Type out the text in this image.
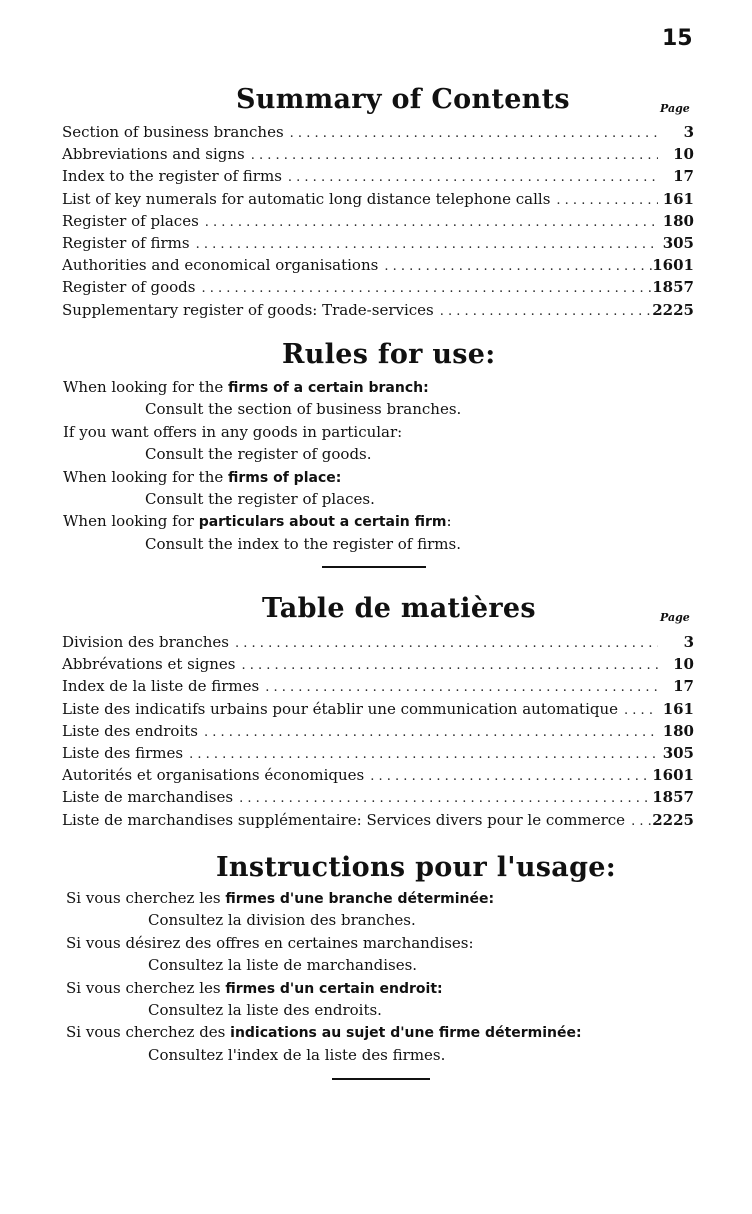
15
Summary of Contents	Page
Section of business branches . . .	3
Abbreviations and signs . . .	10
Index to the register of firms . . .	17
List of key numerals for automatic long distance telephone calls . . .	161
Register of places . . .	180
Register of firms . . .	305
Authorities and economical organisations . . .	1601
Register of goods . . .	1857
Supplementary register of goods: Trade-services . . .	2225
Rules for use:
When looking for the firms of a certain branch:
Consult the section of business branches.
If you want offers in any goods in particular:
Consult the register of goods.
When looking for the firms of place:
Consult the register of places.
When looking for particulars about a certain firm:
Consult the index to the register of firms.
Table de matières	Page
Division des branches . . .	3
Abbrévations et signes . . .	10
Index de la liste de firmes . . .	17
Liste des indicatifs urbains pour établir une communication automatique . . .	161
Liste des endroits . . .	180
Liste des firmes . . .	305
Autorités et organisations économiques . . .	1601
Liste de marchandises . . .	1857
Liste de marchandises supplémentaire: Services divers pour le commerce . . . 2225
Instructions pour l'usage:
Si vous cherchez les firmes d'une branche déterminée:
Consultez la division des branches.
Si vous désirez des offres en certaines marchandises:
Consultez la liste de marchandises.
Si vous cherchez les firmes d'un certain endroit:
Consultez la liste des endroits.
Si vous cherchez des indications au sujet d'une firme déterminée:
Consultez l'index de la liste des firmes.
